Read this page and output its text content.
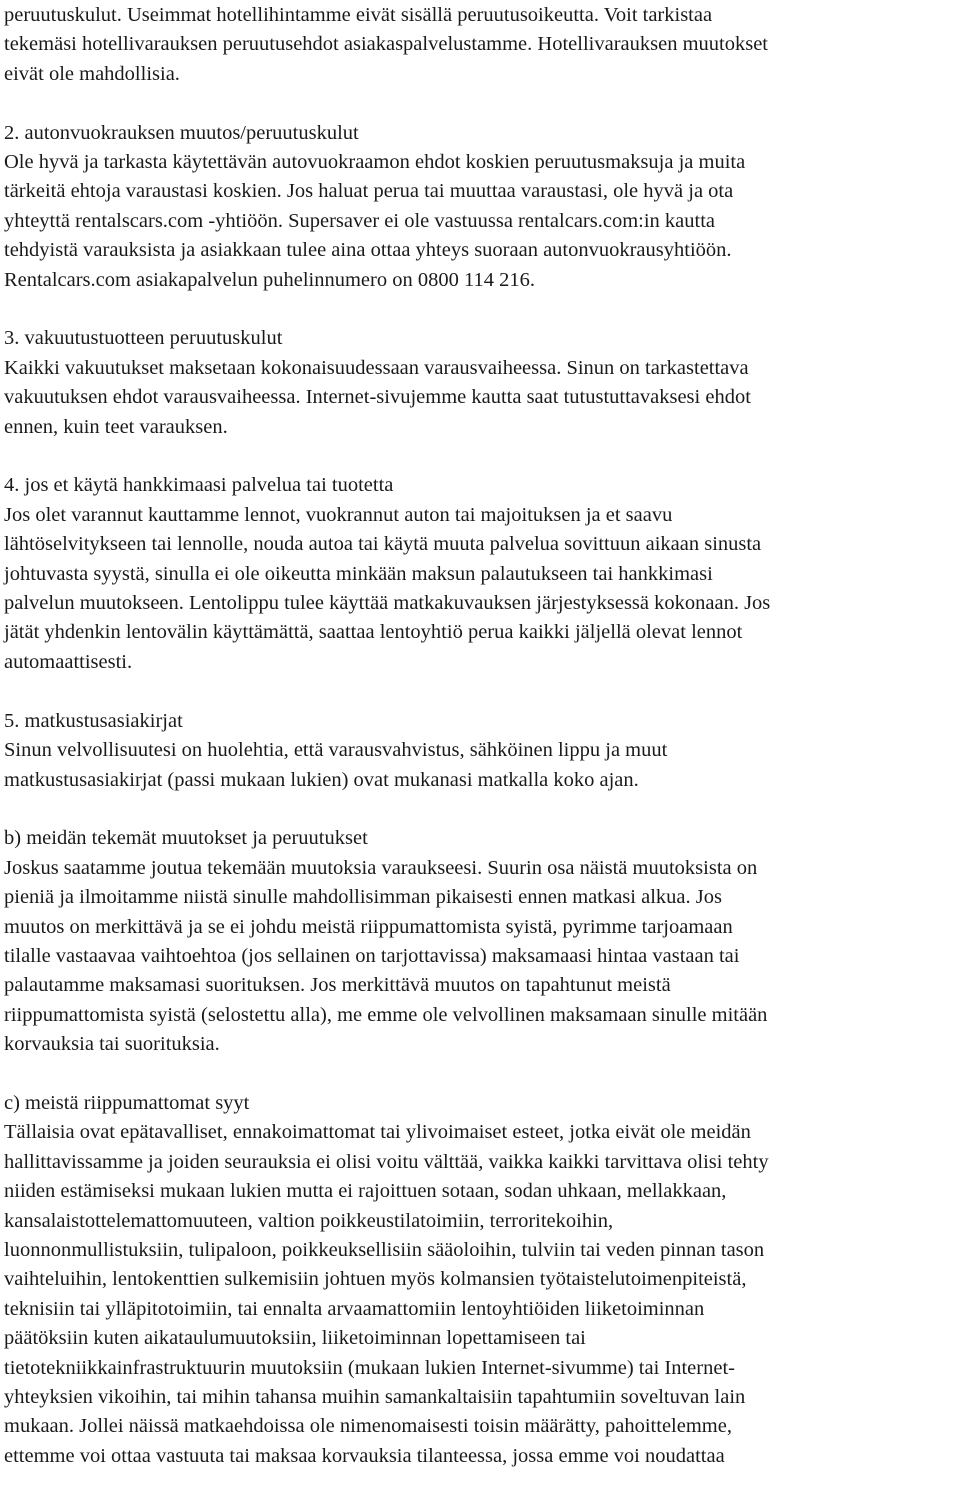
peruutuskulut. Useimmat hotellihintamme eivät sisällä peruutusoikeutta. Voit tarkistaa
tekemäsi hotellivarauksen peruutusehdot asiakaspalvelustamme. Hotellivarauksen muutokset
eivät ole mahdollisia.
2. autonvuokrauksen muutos/peruutuskulut
Ole hyvä ja tarkasta käytettävän autovuokraamon ehdot koskien peruutusmaksuja ja muita
tärkeitä ehtoja varaustasi koskien. Jos haluat perua tai muuttaa varaustasi, ole hyvä ja ota
yhteyttä rentalscars.com -yhtiöön. Supersaver ei ole vastuussa rentalcars.com:in kautta
tehdyistä varauksista ja asiakkaan tulee aina ottaa yhteys suoraan autonvuokrausyhtiöön.
Rentalcars.com asiakapalvelun puhelinnumero on 0800 114 216.
3. vakuutustuotteen peruutuskulut
Kaikki vakuutukset maksetaan kokonaisuudessaan varausvaiheessa. Sinun on tarkastettava
vakuutuksen ehdot varausvaiheessa. Internet-sivujemme kautta saat tutustuttavaksesi ehdot
ennen, kuin teet varauksen.
4. jos et käytä hankkimaasi palvelua tai tuotetta
Jos olet varannut kauttamme lennot, vuokrannut auton tai majoituksen ja et saavu
lähtöselvitykseen tai lennolle, nouda autoa tai käytä muuta palvelua sovittuun aikaan sinusta
johtuvasta syystä, sinulla ei ole oikeutta minkään maksun palautukseen tai hankkimasi
palvelun muutokseen. Lentolippu tulee käyttää matkakuvauksen järjestyksessä kokonaan. Jos
jätät yhdenkin lentovälin käyttämättä, saattaa lentoyhtiö perua kaikki jäljellä olevat lennot
automaattisesti.
5. matkustusasiakirjat
Sinun velvollisuutesi on huolehtia, että varausvahvistus, sähköinen lippu ja muut
matkustusasiakirjat (passi mukaan lukien) ovat mukanasi matkalla koko ajan.
b) meidän tekemät muutokset ja peruutukset
Joskus saatamme joutua tekemään muutoksia varaukseesi. Suurin osa näistä muutoksista on
pieniä ja ilmoitamme niistä sinulle mahdollisimman pikaisesti ennen matkasi alkua. Jos
muutos on merkittävä ja se ei johdu meistä riippumattomista syistä, pyrimme tarjoamaan
tilalle vastaavaa vaihtoehtoa (jos sellainen on tarjottavissa) maksamaasi hintaa vastaan tai
palautamme maksamasi suorituksen. Jos merkittävä muutos on tapahtunut meistä
riippumattomista syistä (selostettu alla), me emme ole velvollinen maksamaan sinulle mitään
korvauksia tai suorituksia.
c) meistä riippumattomat syyt
Tällaisia ovat epätavalliset, ennakoimattomat tai ylivoimaiset esteet, jotka eivät ole meidän
hallittavissamme ja joiden seurauksia ei olisi voitu välttää, vaikka kaikki tarvittava olisi tehty
niiden estämiseksi mukaan lukien mutta ei rajoittuen sotaan, sodan uhkaan, mellakkaan,
kansalaistottelemattomuuteen, valtion poikkeustilatoimiin, terroritekoihin,
luonnonmullistuksiin, tulipaloon, poikkeuksellisiin sääoloihin, tulviin tai veden pinnan tason
vaihteluihin, lentokenttien sulkemisiin johtuen myös kolmansien työtaistelutoimenpiteistä,
teknisiin tai ylläpitotoimiin, tai ennalta arvaamattomiin lentoyhtiöiden liiketoiminnan
päätöksiin kuten aikataulumuutoksiin, liiketoiminnan lopettamiseen tai
tietotekniikkainfrastruktuurin muutoksiin (mukaan lukien Internet-sivumme) tai Internet-
yhteyksien vikoihin, tai mihin tahansa muihin samankaltaisiin tapahtumiin soveltuvan lain
mukaan. Jollei näissä matkaehdoissa ole nimenomaisesti toisin määrätty, pahoittelemme,
ettemme voi ottaa vastuuta tai maksaa korvauksia tilanteessa, jossa emme voi noudattaa
